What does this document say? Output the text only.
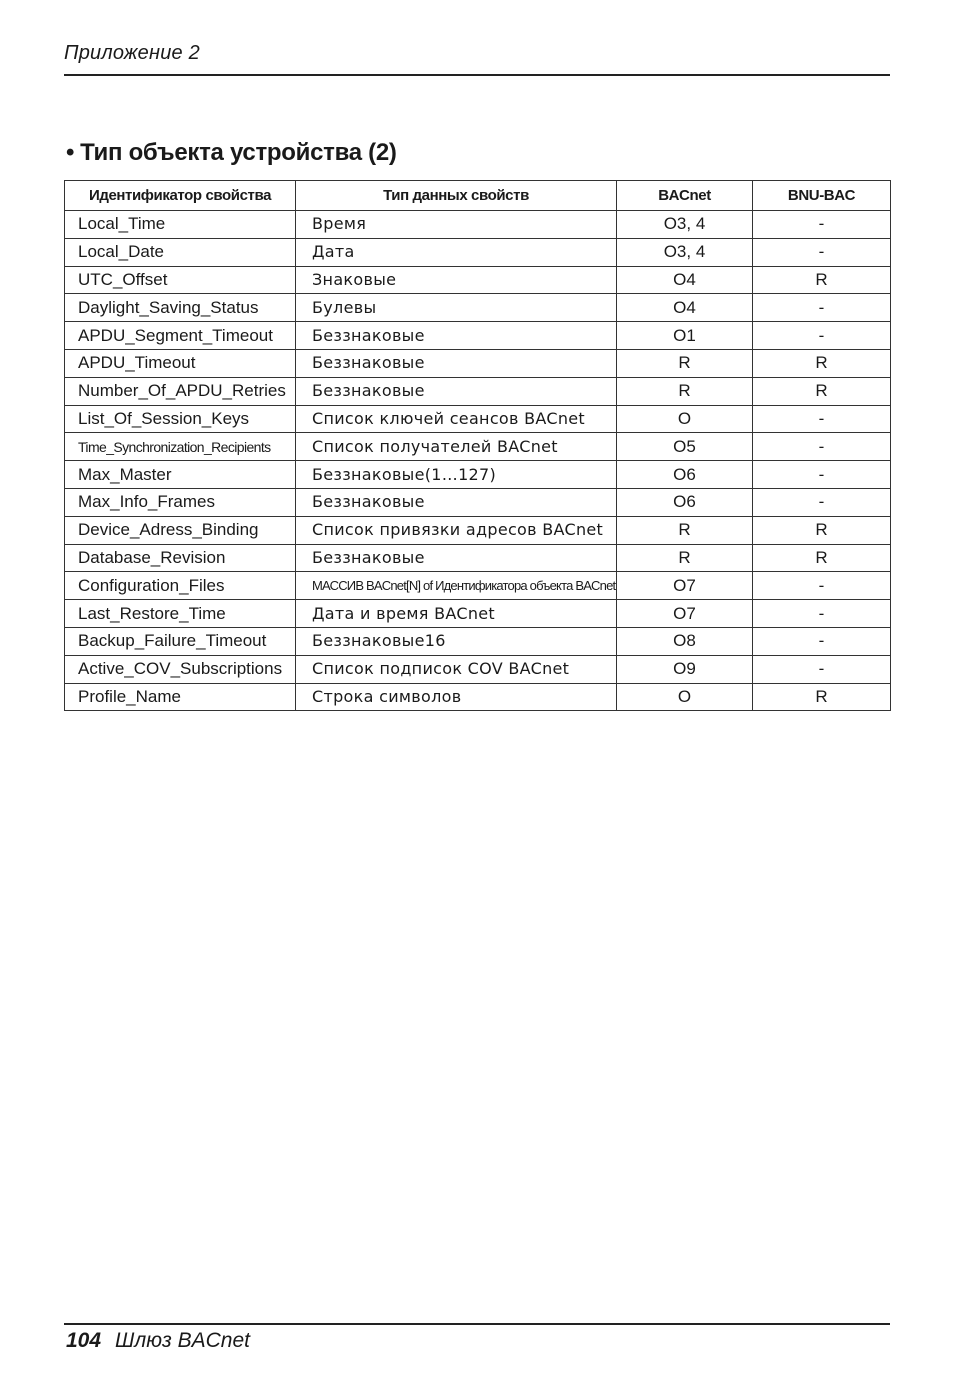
Приложение 2
• Тип объекта устройства (2)
Идентификатор свойства	Тип данных свойств	BACnet	BNU-BAC
Local_Time	Время	O3, 4	-
Local_Date	Дата	O3, 4	-
UTC_Offset	Знаковые	O4	R
Daylight_Saving_Status	Булевы	O4	-
APDU_Segment_Timeout	Беззнаковые	O1	-
APDU_Timeout	Беззнаковые	R	R
Number_Of_APDU_Retries	Беззнаковые	R	R
List_Of_Session_Keys	Список ключей сеансов BACnet	O	-
Time_Synchronization_Recipients	Список получателей BACnet	O5	-
Max_Master	Беззнаковые(1…127)	O6	-
Max_Info_Frames	Беззнаковые	O6	-
Device_Adress_Binding	Список привязки адресов BACnet	R	R
Database_Revision	Беззнаковые	R	R
Configuration_Files	МАССИВ BACnet[N] of Идентификатора объекта BACnet	O7	-
Last_Restore_Time	Дата и время BACnet	O7	-
Backup_Failure_Timeout	Беззнаковые16	O8	-
Active_COV_Subscriptions	Список подписок COV BACnet	O9	-
Profile_Name	Строка символов	O	R
104 Шлюз BACnet
